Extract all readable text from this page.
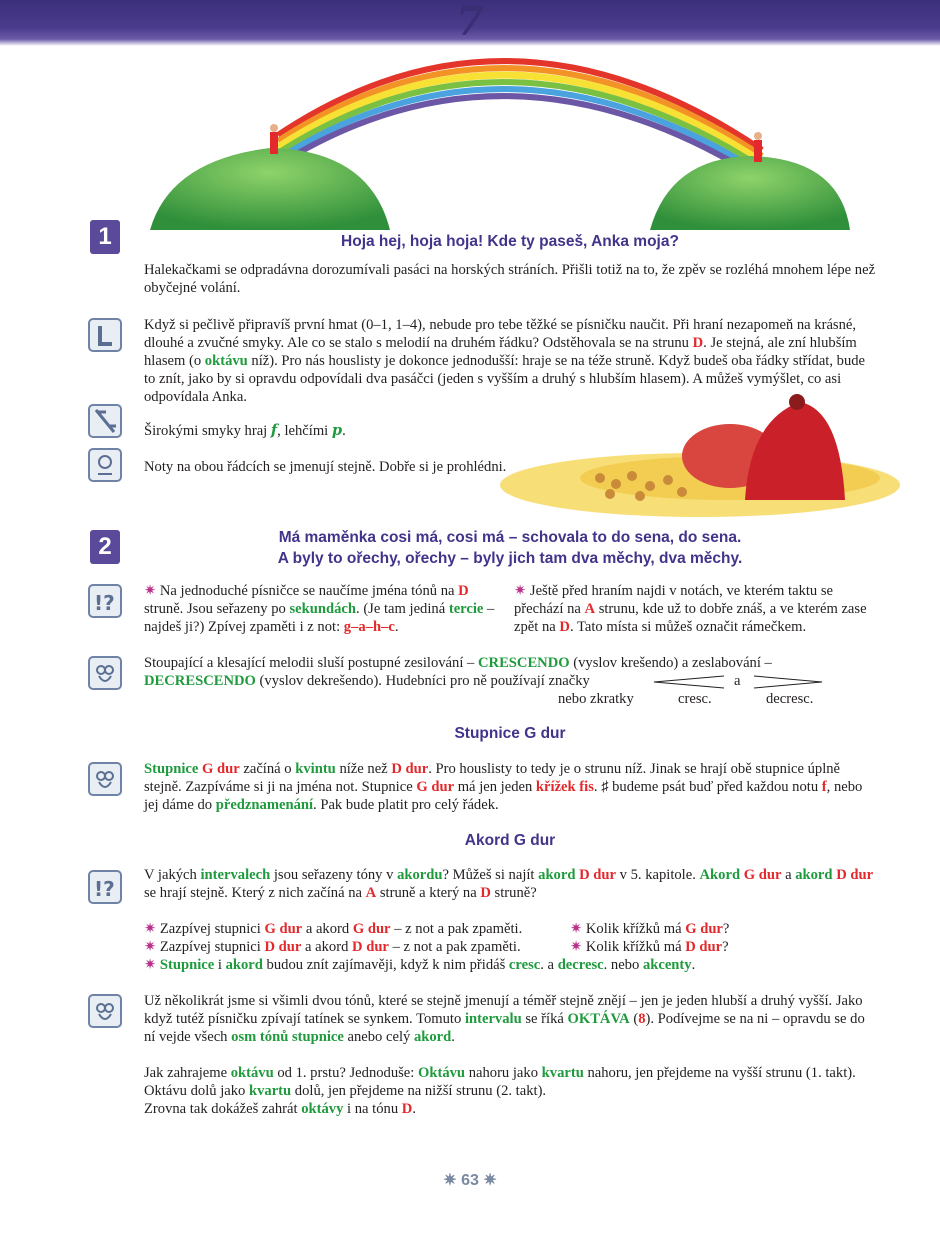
7
1	Hoja hej, hoja hoja! Kde ty paseš, Anka moja?
Halekačkami se odpradávna dorozumívali pasáci na horských stráních. Přišli totiž na to, že zpěv se rozléhá mnohem lépe než obyčejné volání.
Když si pečlivě připravíš první hmat (0–1, 1–4), nebude pro tebe těžké se písničku naučit. Při hraní nezapomeň na krásné, dlouhé a zvučné smyky. Ale co se stalo s melodií na druhém řádku? Odstěhovala se na strunu D. Je stejná, ale zní hlubším hlasem (o oktávu níž). Pro nás houslisty je dokonce jednodušší: hraje se na téže struně. Když budeš oba řádky střídat, bude to znít, jako by si opravdu odpovídali dva pasáčci (jeden s vyšším a druhý s hlubším hlasem). A můžeš vymýšlet, co asi odpovídala Anka.
Širokými smyky hraj f, lehčími p.
Noty na obou řádcích se jmenují stejně. Dobře si je prohlédni.
2	Má maměnka cosi má, cosi má – schovala to do sena, do sena.
A byly to ořechy, ořechy – byly jich tam dva měchy, dva měchy.
!? ✷ Na jednoduché písničce se naučíme jména tónů na D struně. Jsou seřazeny po sekundách. (Je tam jediná tercie – najdeš ji?) Zpívej zpaměti i z not: g–a–h–c.
✷ Ještě před hraním najdi v notách, ve kterém taktu se přechází na A strunu, kde už to dobře znáš, a ve kterém zase zpět na D. Tato místa si můžeš označit rámečkem.
Stoupající a klesající melodii sluší postupné zesilování – CRESCENDO (vyslov krešendo) a zeslabování – DECRESCENDO (vyslov dekrešendo). Hudebníci pro ně používají značky	a
nebo zkratky	cresc.	decresc.
Stupnice G dur
Stupnice G dur začíná o kvintu níže než D dur. Pro houslisty to tedy je o strunu níž. Jinak se hrají obě stupnice úplně stejně. Zazpíváme si ji na jména not. Stupnice G dur má jen jeden křížek fis. ♯ budeme psát buď před každou notu f, nebo jej dáme do předznamenání. Pak bude platit pro celý řádek.
Akord G dur
!?
V jakých intervalech jsou seřazeny tóny v akordu? Můžeš si najít akord D dur v 5. kapitole. Akord G dur a akord D dur se hrají stejně. Který z nich začíná na A struně a který na D struně?
✷ Zazpívej stupnici G dur a akord G dur – z not a pak zpaměti.	✷ Kolik křížků má G dur?
✷ Zazpívej stupnici D dur a akord D dur – z not a pak zpaměti.	✷ Kolik křížků má D dur?
✷ Stupnice i akord budou znít zajímavěji, když k nim přidáš cresc. a decresc. nebo akcenty.
Už několikrát jsme si všimli dvou tónů, které se stejně jmenují a téměř stejně znějí – jen je jeden hlubší a druhý vyšší. Jako když tutéž písničku zpívají tatínek se synkem. Tomuto intervalu se říká OKTÁVA (8). Podívejme se na ni – opravdu se do ní vejde všech osm tónů stupnice anebo celý akord.
Jak zahrajeme oktávu od 1. prstu? Jednoduše: Oktávu nahoru jako kvartu nahoru, jen přejdeme na vyšší strunu (1. takt). Oktávu dolů jako kvartu dolů, jen přejdeme na nižší strunu (2. takt).
Zrovna tak dokážeš zahrát oktávy i na tónu D.
✷ 63 ✷
